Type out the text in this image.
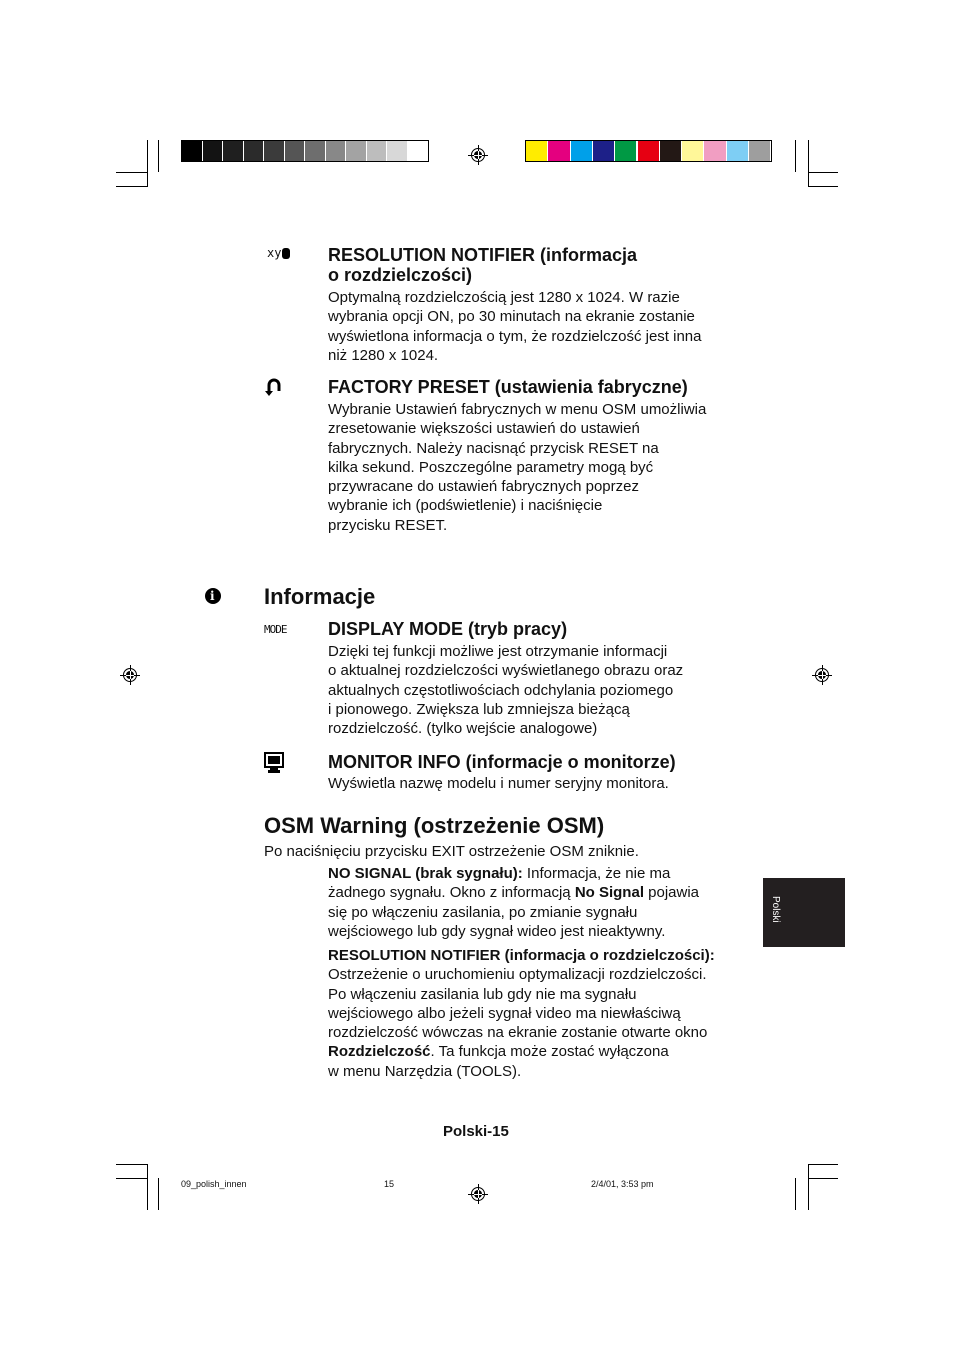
xy	RESOLUTION NOTIFIER (informacja
o rozdzielczości)
Optymalną rozdzielczością jest 1280 x 1024. W razie
wybrania opcji ON, po 30 minutach na ekranie zostanie
wyświetlona informacja o tym, że rozdzielczość jest inna
niż 1280 x 1024.
FACTORY PRESET (ustawienia fabryczne)
Wybranie Ustawień fabrycznych w menu OSM umożliwia
zresetowanie większości ustawień do ustawień
fabrycznych. Należy nacisnąć przycisk RESET na
kilka sekund. Poszczególne parametry mogą być
przywracane do ustawień fabrycznych poprzez
wybranie ich (podświetlenie) i naciśnięcie
przycisku RESET.
i Informacje
MODE DISPLAY MODE (tryb pracy)
Dzięki tej funkcji możliwe jest otrzymanie informacji
o aktualnej rozdzielczości wyświetlanego obrazu oraz
aktualnych częstotliwościach odchylania poziomego
i pionowego. Zwiększa lub zmniejsza bieżącą
rozdzielczość. (tylko wejście analogowe)
MONITOR INFO (informacje o monitorze)
Wyświetla nazwę modelu i numer seryjny monitora.
OSM Warning (ostrzeżenie OSM)
Po naciśnięciu przycisku EXIT ostrzeżenie OSM zniknie.
NO SIGNAL (brak sygnału): Informacja, że nie ma
żadnego sygnału. Okno z informacją No Signal pojawia
się po włączeniu zasilania, po zmianie sygnału
wejściowego lub gdy sygnał wideo jest nieaktywny.
RESOLUTION NOTIFIER (informacja o rozdzielczości):
Ostrzeżenie o uruchomieniu optymalizacji rozdzielczości.
Po włączeniu zasilania lub gdy nie ma sygnału
wejściowego albo jeżeli sygnał video ma niewłaściwą
rozdzielczość wówczas na ekranie zostanie otwarte okno
Rozdzielczość. Ta funkcja może zostać wyłączona
w menu Narzędzia (TOOLS).
Polski
Polski-15
09_polish_innen	15	2/4/01, 3:53 pm
